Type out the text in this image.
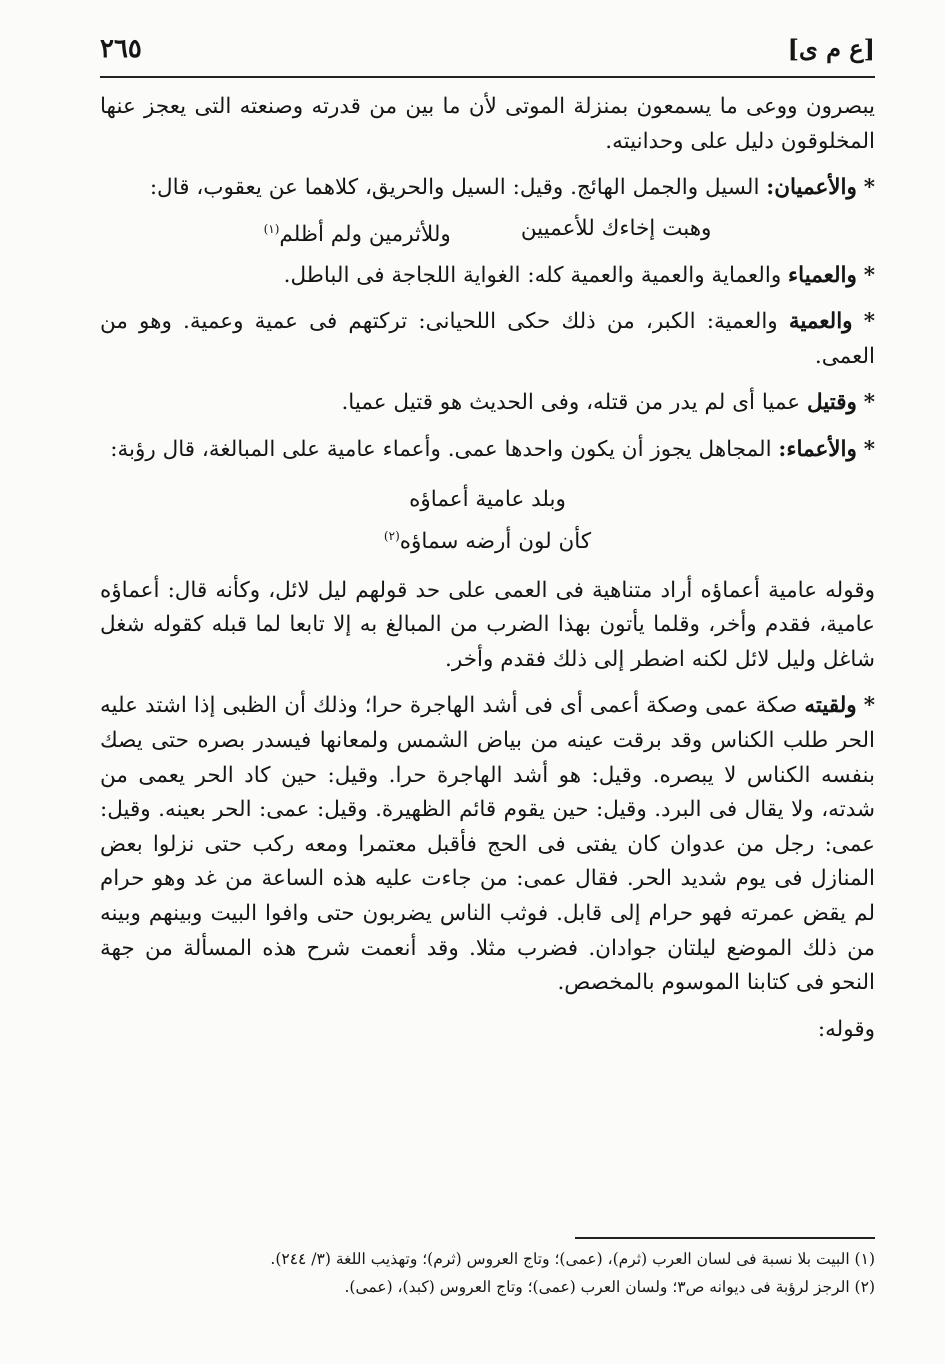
٢٦٥	[ع م ى]

يبصرون ووعى ما يسمعون بمنزلة الموتى لأن ما بين من قدرته وصنعته التى يعجز عنها المخلوقون دليل على وحدانيته.

* والأعميان: السيل والجمل الهائج. وقيل: السيل والحريق، كلاهما عن يعقوب، قال:

وهبت إخاءك للأعميين
وللأثرمين ولم أظلم$^{(١)}$

* والعمياء والعماية والعمية والعمية كله: الغواية اللجاجة فى الباطل.

* والعمية والعمية: الكبر، من ذلك حكى اللحيانى: تركتهم فى عمية وعمية. وهو من العمى.

* وقتيل عميا أى لم يدر من قتله، وفى الحديث هو قتيل عميا.

* والأعماء: المجاهل يجوز أن يكون واحدها عمى. وأعماء عامية على المبالغة، قال رؤبة:

وبلد عامية أعماؤه
كأن لون أرضه سماؤه$^{(٢)}$

وقوله عامية أعماؤه أراد متناهية فى العمى على حد قولهم ليل لائل، وكأنه قال: أعماؤه عامية، فقدم وأخر، وقلما يأتون بهذا الضرب من المبالغ به إلا تابعا لما قبله كقوله شغل شاغل وليل لائل لكنه اضطر إلى ذلك فقدم وأخر.

* ولقيته صكة عمى وصكة أعمى أى فى أشد الهاجرة حرا؛ وذلك أن الظبى إذا اشتد عليه الحر طلب الكناس وقد برقت عينه من بياض الشمس ولمعانها فيسدر بصره حتى يصك بنفسه الكناس لا يبصره. وقيل: هو أشد الهاجرة حرا. وقيل: حين كاد الحر يعمى من شدته، ولا يقال فى البرد. وقيل: حين يقوم قائم الظهيرة. وقيل: عمى: الحر بعينه. وقيل: عمى: رجل من عدوان كان يفتى فى الحج فأقبل معتمرا ومعه ركب حتى نزلوا بعض المنازل فى يوم شديد الحر. فقال عمى: من جاءت عليه هذه الساعة من غد وهو حرام لم يقض عمرته فهو حرام إلى قابل. فوثب الناس يضربون حتى وافوا البيت وبينهم وبينه من ذلك الموضع ليلتان جوادان. فضرب مثلا. وقد أنعمت شرح هذه المسألة من جهة النحو فى كتابنا الموسوم بالمخصص.

وقوله:

(١) البيت بلا نسبة فى لسان العرب (ثرم)، (عمى)؛ وتاج العروس (ثرم)؛ وتهذيب اللغة (٣/ ٢٤٤).
(٢) الرجز لرؤبة فى ديوانه ص٣؛ ولسان العرب (عمى)؛ وتاج العروس (كبد)، (عمى).
